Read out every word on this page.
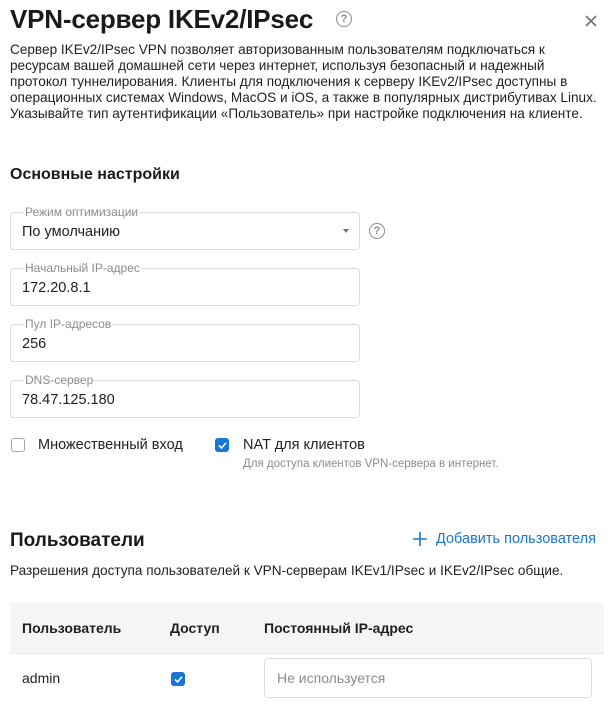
VPN-сервер IKEv2/IPsec	?

Сервер IKEv2/IPsec VPN позволяет авторизованным пользователям подключаться к ресурсам вашей домашней сети через интернет, используя безопасный и надежный протокол туннелирования. Клиенты для подключения к серверу IKEv2/IPsec доступны в операционных системах Windows, MacOS и iOS, а также в популярных дистрибутивах Linux. Указывайте тип аутентификации «Пользователь» при настройке подключения на клиенте.

Основные настройки
Режим оптимизации
По умолчанию	?
Начальный IP-адрес
172.20.8.1
Пул IP-адресов
256
DNS-сервер
78.47.125.180
Множественный вход	NAT для клиентов
Для доступа клиентов VPN-сервера в интернет.
Пользователи	Добавить пользователя
Разрешения доступа пользователей к VPN-серверам IKEv1/IPsec и IKEv2/IPsec общие.
Пользователь	Доступ	Постоянный IP-адрес
admin
Не используется
